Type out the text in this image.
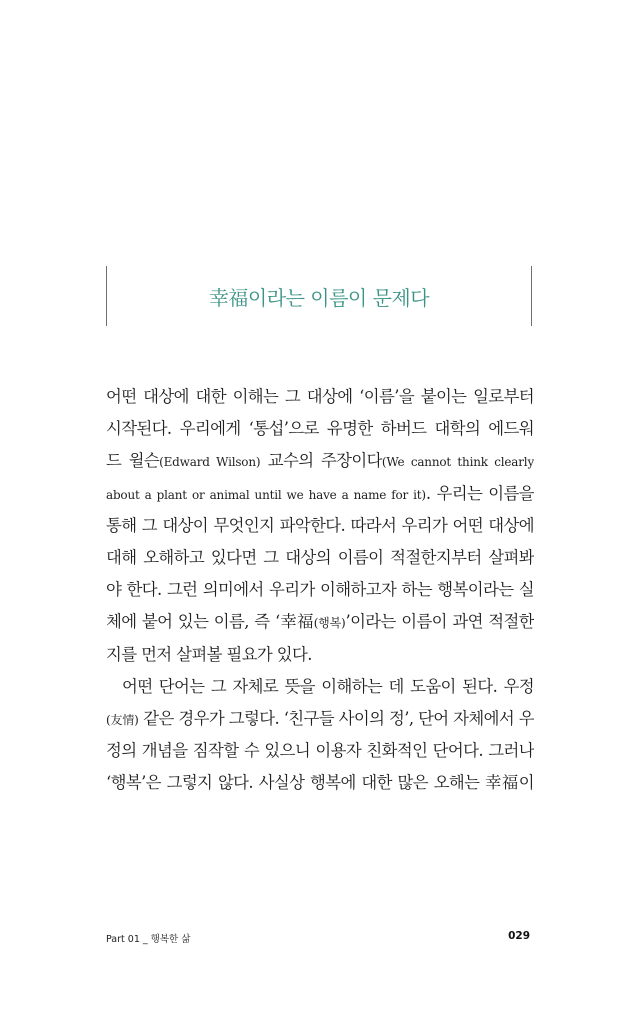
幸福이라는 이름이 문제다
어떤 대상에 대한 이해는 그 대상에 ‘이름’을 붙이는 일로부터
시작된다. 우리에게 ‘통섭’으로 유명한 하버드 대학의 에드워
드 윌슨(Edward Wilson) 교수의 주장이다(We cannot think clearly
about a plant or animal until we have a name for it). 우리는 이름을
통해 그 대상이 무엇인지 파악한다. 따라서 우리가 어떤 대상에
대해 오해하고 있다면 그 대상의 이름이 적절한지부터 살펴봐
야 한다. 그런 의미에서 우리가 이해하고자 하는 행복이라는 실
체에 붙어 있는 이름, 즉 ‘幸福(행복)’이라는 이름이 과연 적절한
지를 먼저 살펴볼 필요가 있다.
어떤 단어는 그 자체로 뜻을 이해하는 데 도움이 된다. 우정
(友情) 같은 경우가 그렇다. ‘친구들 사이의 정’, 단어 자체에서 우
정의 개념을 짐작할 수 있으니 이용자 친화적인 단어다. 그러나
‘행복’은 그렇지 않다. 사실상 행복에 대한 많은 오해는 幸福이
Part 01 _ 행복한 삶	029
